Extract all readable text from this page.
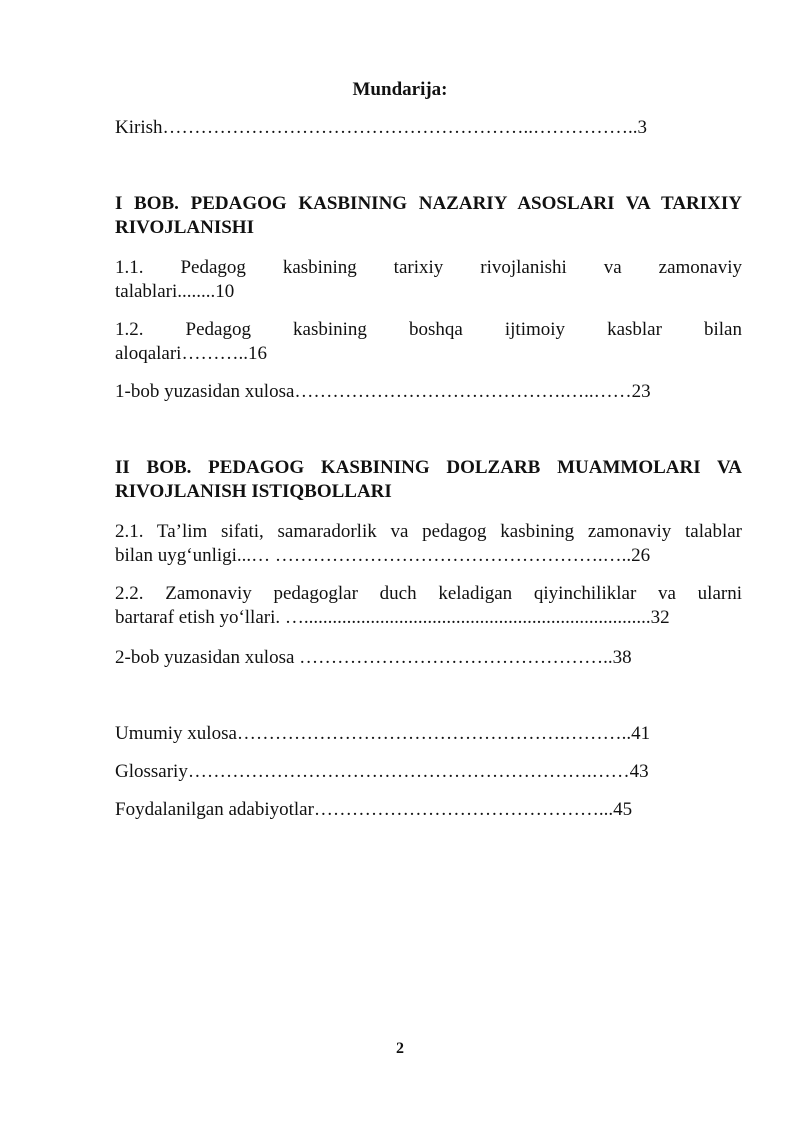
Mundarija:
Kirish…………………………………………………..……………..3
I BOB. PEDAGOG KASBINING NAZARIY ASOSLARI VA TARIXIY RIVOJLANISHI
1.1. Pedagog kasbining tarixiy rivojlanishi va zamonaviy
talablari........10
1.2. Pedagog kasbining boshqa ijtimoiy kasblar bilan
aloqalari………..16
1-bob yuzasidan xulosa…………………………………….…..……23
II BOB. PEDAGOG KASBINING DOLZARB MUAMMOLARI VA RIVOJLANISH ISTIQBOLLARI
2.1. Ta’lim sifati, samaradorlik va pedagog kasbining zamonaviy talablar
bilan uyg‘unligi...… …………………………………………….…..26
2.2. Zamonaviy pedagoglar duch keladigan qiyinchiliklar va ularni
bartaraf etish yo‘llari. ….........................................................................32
2-bob yuzasidan xulosa …………………………………………..38
Umumiy xulosa…………………………………………….………..41
Glossariy……………………………………………………….……43
Foydalanilgan adabiyotlar………………………………………...45
2
